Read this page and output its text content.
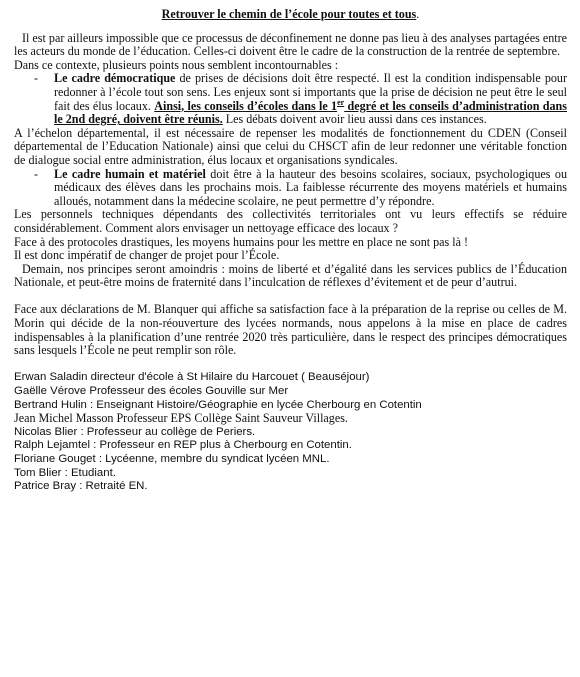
Retrouver le chemin de l’école pour toutes et tous.

Il est par ailleurs impossible que ce processus de déconfinement ne donne pas lieu à des analyses partagées entre les acteurs du monde de l’éducation. Celles-ci doivent être le cadre de la construction de la rentrée de septembre.

Dans ce contexte, plusieurs points nous semblent incontournables :

- Le cadre démocratique de prises de décisions doit être respecté. Il est la condition indispensable pour redonner à l’école tout son sens. Les enjeux sont si importants que la prise de décision ne peut être le seul fait des élus locaux. Ainsi, les conseils d’écoles dans le 1er degré et les conseils d’administration dans le 2nd degré, doivent être réunis. Les débats doivent avoir lieu aussi dans ces instances.

A l’échelon départemental, il est nécessaire de repenser les modalités de fonctionnement du CDEN (Conseil départemental de l’Education Nationale) ainsi que celui du CHSCT afin de leur redonner une véritable fonction de dialogue social entre administration, élus locaux et organisations syndicales.

- Le cadre humain et matériel doit être à la hauteur des besoins scolaires, sociaux, psychologiques ou médicaux des élèves dans les prochains mois. La faiblesse récurrente des moyens matériels et humains alloués, notamment dans la médecine scolaire, ne peut permettre d’y répondre.

Les personnels techniques dépendants des collectivités territoriales ont vu leurs effectifs se réduire considérablement. Comment alors envisager un nettoyage efficace des locaux ?

Face à des protocoles drastiques, les moyens humains pour les mettre en place ne sont pas là !

Il est donc impératif de changer de projet pour l’École.

Demain, nos principes seront amoindris : moins de liberté et d’égalité dans les services publics de l’Éducation Nationale, et peut-être moins de fraternité dans l’inculcation de réflexes d’évitement et de peur d’autrui.

Face aux déclarations de M. Blanquer qui affiche sa satisfaction face à la préparation de la reprise ou celles de M. Morin qui décide de la non-réouverture des lycées normands, nous appelons à la mise en place de cadres indispensables à la planification d’une rentrée 2020 très particulière, dans le respect des principes démocratiques sans lesquels l’École ne peut remplir son rôle.

Erwan Saladin directeur d'école à St Hilaire du Harcouet ( Beauséjour)

Gaëlle Vérove Professeur des écoles Gouville sur Mer

Bertrand Hulin : Enseignant Histoire/Géographie en lycée Cherbourg en Cotentin

Jean Michel Masson Professeur EPS Collège Saint Sauveur Villages.

Nicolas Blier : Professeur au collège de Periers.

Ralph Lejamtel : Professeur en REP plus à Cherbourg en Cotentin.

Floriane Gouget : Lycéenne, membre du syndicat lycéen MNL.

Tom Blier : Etudiant.

Patrice Bray : Retraité EN.
